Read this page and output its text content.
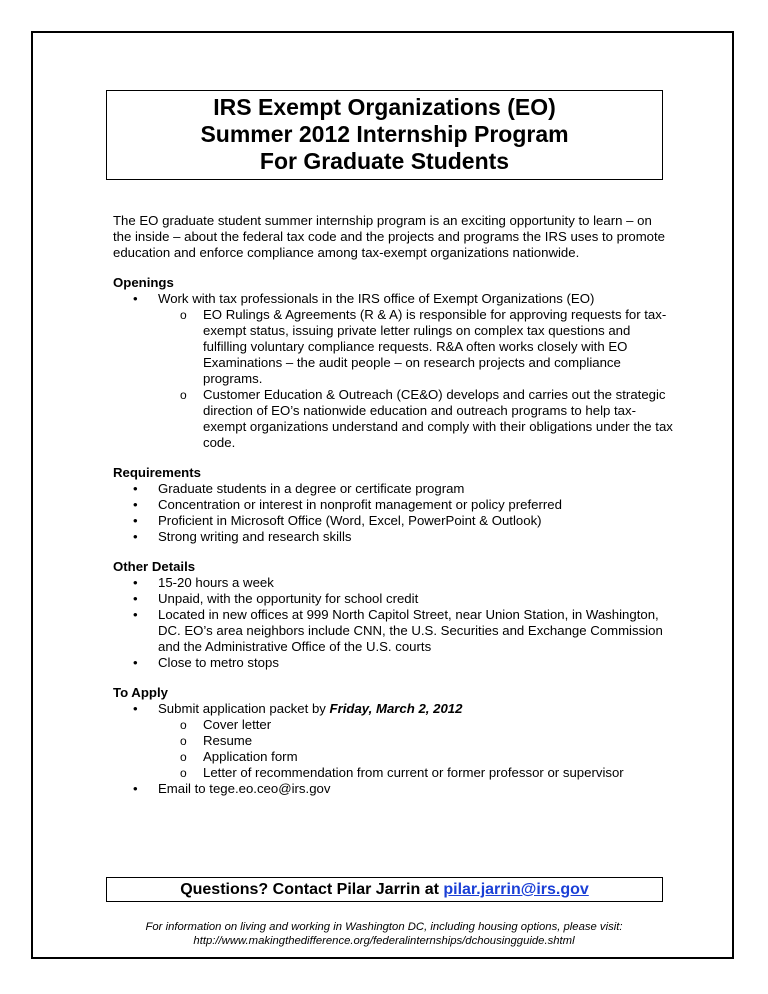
IRS Exempt Organizations (EO)
Summer 2012 Internship Program
For Graduate Students

The EO graduate student summer internship program is an exciting opportunity to learn – on the inside – about the federal tax code and the projects and programs the IRS uses to promote education and enforce compliance among tax-exempt organizations nationwide.

Openings

• Work with tax professionals in the IRS office of Exempt Organizations (EO)
o EO Rulings & Agreements (R & A) is responsible for approving requests for tax-exempt status, issuing private letter rulings on complex tax questions and fulfilling voluntary compliance requests. R&A often works closely with EO Examinations – the audit people – on research projects and compliance programs.
o Customer Education & Outreach (CE&O) develops and carries out the strategic direction of EO’s nationwide education and outreach programs to help tax-exempt organizations understand and comply with their obligations under the tax code.

Requirements

• Graduate students in a degree or certificate program
• Concentration or interest in nonprofit management or policy preferred
• Proficient in Microsoft Office (Word, Excel, PowerPoint & Outlook)
• Strong writing and research skills

Other Details

• 15-20 hours a week
• Unpaid, with the opportunity for school credit
• Located in new offices at 999 North Capitol Street, near Union Station, in Washington, DC. EO’s area neighbors include CNN, the U.S. Securities and Exchange Commission and the Administrative Office of the U.S. courts
• Close to metro stops

To Apply

• Submit application packet by Friday, March 2, 2012
o Cover letter
o Resume
o Application form
o Letter of recommendation from current or former professor or supervisor
• Email to tege.eo.ceo@irs.gov
Questions? Contact Pilar Jarrin at pilar.jarrin@irs.gov
For information on living and working in Washington DC, including housing options, please visit:
http://www.makingthedifference.org/federalinternships/dchousingguide.shtml
